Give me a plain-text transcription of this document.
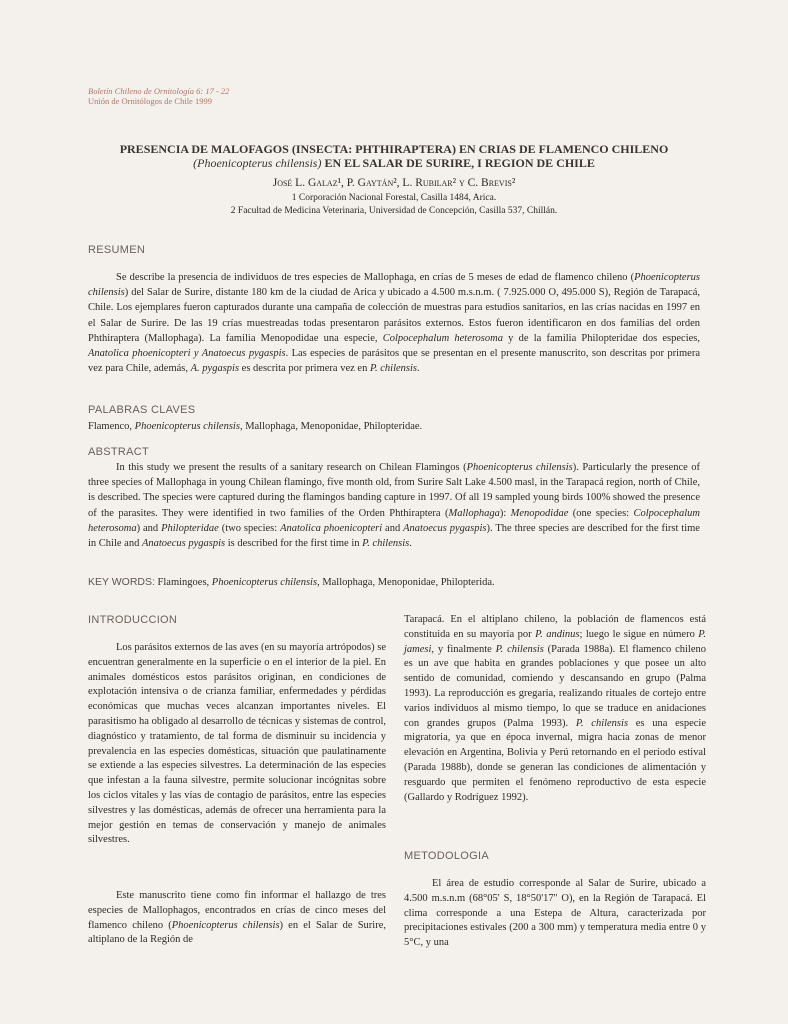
Boletín Chileno de Ornitología 6: 17 - 22
Unión de Ornitólogos de Chile 1999
PRESENCIA DE MALOFAGOS (INSECTA: PHTHIRAPTERA) EN CRIAS DE FLAMENCO CHILENO
(Phoenicopterus chilensis) EN EL SALAR DE SURIRE, I REGION DE CHILE
José L. Galaz¹, P. Gaytán², L. Rubilar² y C. Brevis²
1 Corporación Nacional Forestal, Casilla 1484, Arica.
2 Facultad de Medicina Veterinaria, Universidad de Concepción, Casilla 537, Chillán.
RESUMEN
Se describe la presencia de individuos de tres especies de Mallophaga, en crías de 5 meses de edad de flamenco chileno (Phoenicopterus chilensis) del Salar de Surire, distante 180 km de la ciudad de Arica y ubicado a 4.500 m.s.n.m. ( 7.925.000 O, 495.000 S), Región de Tarapacá, Chile. Los ejemplares fueron capturados durante una campaña de colección de muestras para estudios sanitarios, en las crías nacidas en 1997 en el Salar de Surire. De las 19 crías muestreadas todas presentaron parásitos externos. Estos fueron identificaron en dos familias del orden Phthiraptera (Mallophaga). La familia Menopodidae una especie, Colpocephalum heterosoma y de la familia Philopteridae dos especies, Anatolica phoenicopteri y Anatoecus pygaspis. Las especies de parásitos que se presentan en el presente manuscrito, son descritas por primera vez para Chile, además, A. pygaspis es descrita por primera vez en P. chilensis.
PALABRAS CLAVES
Flamenco, Phoenicopterus chilensis, Mallophaga, Menoponidae, Philopteridae.
ABSTRACT
In this study we present the results of a sanitary research on Chilean Flamingos (Phoenicopterus chilensis). Particularly the presence of three species of Mallophaga in young Chilean flamingo, five month old, from Surire Salt Lake 4.500 masl, in the Tarapacá region, north of Chile, is described. The species were captured during the flamingos banding capture in 1997. Of all 19 sampled young birds 100% showed the presence of the parasites. They were identified in two families of the Orden Phthiraptera (Mallophaga): Menopodidae (one species: Colpocephalum heterosoma) and Philopteridae (two species: Anatolica phoenicopteri and Anatoecus pygaspis). The three species are described for the first time in Chile and Anatoecus pygaspis is described for the first time in P. chilensis.
KEY WORDS: Flamingoes, Phoenicopterus chilensis, Mallophaga, Menoponidae, Philopterida.
INTRODUCCION
Los parásitos externos de las aves (en su mayoría artrópodos) se encuentran generalmente en la superficie o en el interior de la piel. En animales domésticos estos parásitos originan, en condiciones de explotación intensiva o de crianza familiar, enfermedades y pérdidas económicas que muchas veces alcanzan importantes niveles. El parasitismo ha obligado al desarrollo de técnicas y sistemas de control, diagnóstico y tratamiento, de tal forma de disminuir su incidencia y prevalencia en las especies domésticas, situación que paulatinamente se extiende a las especies silvestres. La determinación de las especies que infestan a la fauna silvestre, permite solucionar incógnitas sobre los ciclos vitales y las vías de contagio de parásitos, entre las especies silvestres y las domésticas, además de ofrecer una herramienta para la mejor gestión en temas de conservación y manejo de animales silvestres.
Este manuscrito tiene como fin informar el hallazgo de tres especies de Mallophagos, encontrados en crías de cinco meses del flamenco chileno (Phoenicopterus chilensis) en el Salar de Surire, altiplano de la Región de
Tarapacá. En el altiplano chileno, la población de flamencos está constituida en su mayoría por P. andinus; luego le sigue en número P. jamesi, y finalmente P. chilensis (Parada 1988a). El flamenco chileno es un ave que habita en grandes poblaciones y que posee un alto sentido de comunidad, comiendo y descansando en grupo (Palma 1993). La reproducción es gregaria, realizando rituales de cortejo entre varios individuos al mismo tiempo, lo que se traduce en anidaciones con grandes grupos (Palma 1993). P. chilensis es una especie migratoria, ya que en época invernal, migra hacia zonas de menor elevación en Argentina, Bolivia y Perú retornando en el período estival (Parada 1988b), donde se generan las condiciones de alimentación y resguardo que permiten el fenómeno reproductivo de esta especie (Gallardo y Rodríguez 1992).
METODOLOGIA
El área de estudio corresponde al Salar de Surire, ubicado a 4.500 m.s.n.m (68°05' S, 18°50'17'' O), en la Región de Tarapacá. El clima corresponde a una Estepa de Altura, caracterizada por precipitaciones estivales (200 a 300 mm) y temperatura media entre 0 y 5°C, y una
